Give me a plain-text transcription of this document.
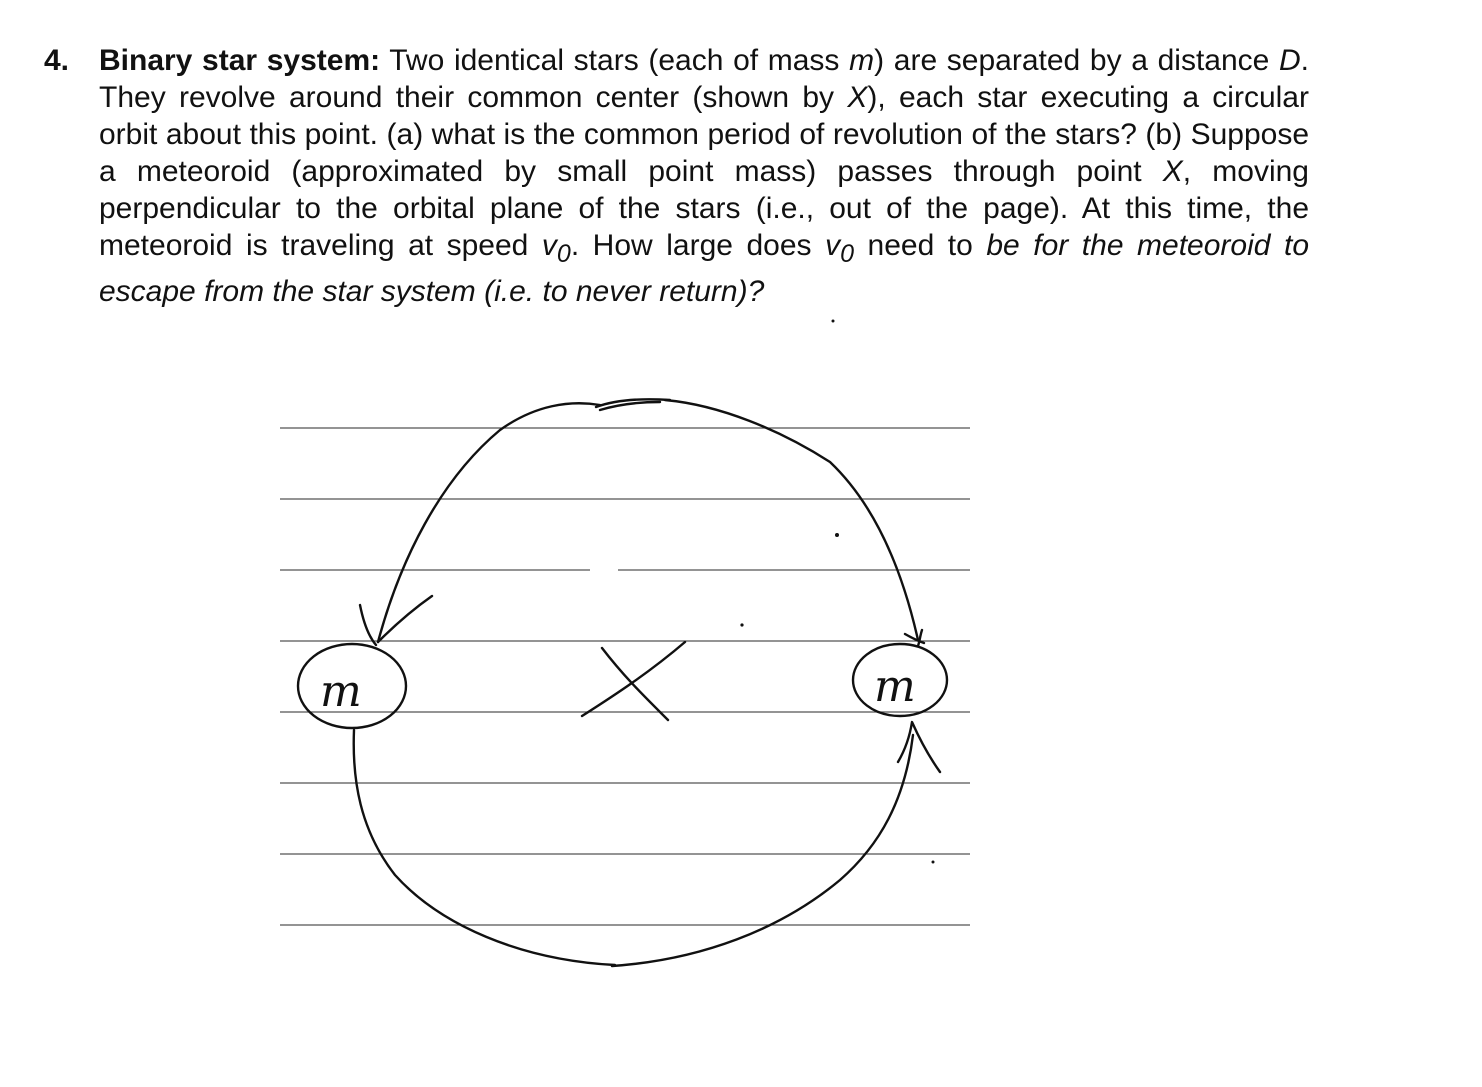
4. Binary star system: Two identical stars (each of mass m) are separated by a distance D. They revolve around their common center (shown by X), each star executing a circular orbit about this point. (a) what is the common period of revolution of the stars? (b) Suppose a meteoroid (approximated by small point mass) passes through point X, moving perpendicular to the orbital plane of the stars (i.e., out of the page). At this time, the meteoroid is traveling at speed $v_0$. How large does $v_0$ need to be for the meteoroid to escape from the star system (i.e. to never return)?
m	m
